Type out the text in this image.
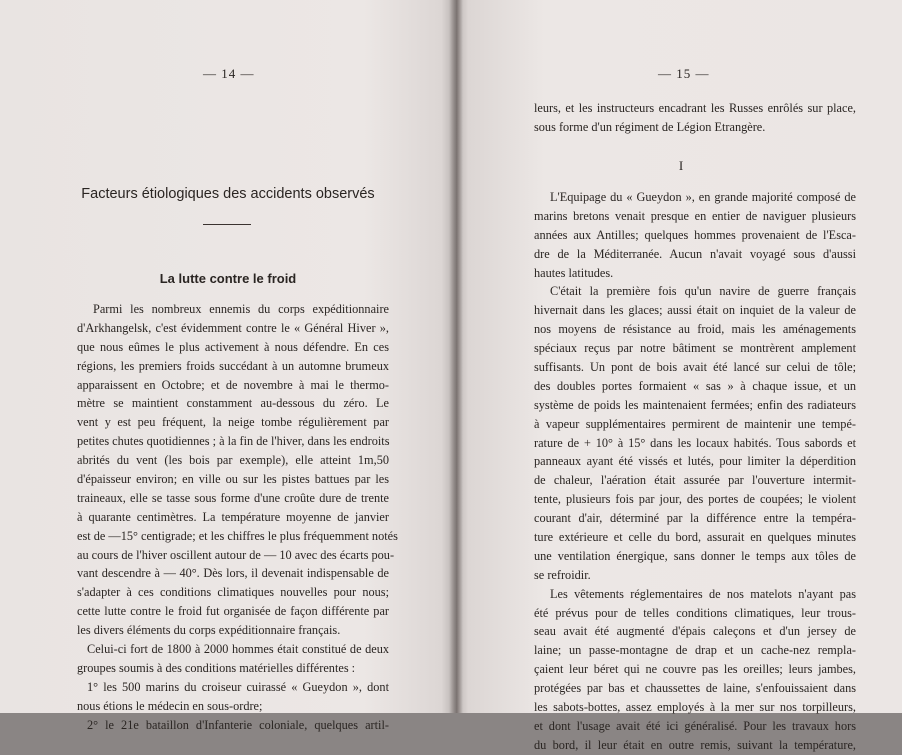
— 14 —
Facteurs étiologiques des accidents observés
La lutte contre le froid
Parmi les nombreux ennemis du corps expéditionnaire
d'Arkhangelsk, c'est évidemment contre le « Général Hiver »,
que nous eûmes le plus activement à nous défendre. En ces
régions, les premiers froids succédant à un automne brumeux
apparaissent en Octobre; et de novembre à mai le thermo-
mètre se maintient constamment au-dessous du zéro. Le
vent y est peu fréquent, la neige tombe régulièrement par
petites chutes quotidiennes ; à la fin de l'hiver, dans les endroits
abrités du vent (les bois par exemple), elle atteint 1m,50
d'épaisseur environ; en ville ou sur les pistes battues par les
traineaux, elle se tasse sous forme d'une croûte dure de trente
à quarante centimètres. La température moyenne de janvier
est de —15° centigrade; et les chiffres le plus fréquemment notés
au cours de l'hiver oscillent autour de — 10 avec des écarts pou-
vant descendre à — 40°. Dès lors, il devenait indispensable de
s'adapter à ces conditions climatiques nouvelles pour nous;
cette lutte contre le froid fut organisée de façon différente par
les divers éléments du corps expéditionnaire français.
Celui-ci fort de 1800 à 2000 hommes était constitué de deux
groupes soumis à des conditions matérielles différentes :
1° les 500 marins du croiseur cuirassé « Gueydon », dont
nous étions le médecin en sous-ordre;
2° le 21e bataillon d'Infanterie coloniale, quelques artil-
— 15 —
leurs, et les instructeurs encadrant les Russes enrôlés sur place,
sous forme d'un régiment de Légion Etrangère.
I
L'Equipage du « Gueydon », en grande majorité composé de
marins bretons venait presque en entier de naviguer plusieurs
années aux Antilles; quelques hommes provenaient de l'Esca-
dre de la Méditerranée. Aucun n'avait voyagé sous d'aussi
hautes latitudes.
C'était la première fois qu'un navire de guerre français
hivernait dans les glaces; aussi était on inquiet de la valeur de
nos moyens de résistance au froid, mais les aménagements
spéciaux reçus par notre bâtiment se montrèrent amplement
suffisants. Un pont de bois avait été lancé sur celui de tôle;
des doubles portes formaient « sas » à chaque issue, et un
système de poids les maintenaient fermées; enfin des radiateurs
à vapeur supplémentaires permirent de maintenir une tempé-
rature de + 10° à 15° dans les locaux habités. Tous sabords et
panneaux ayant été vissés et lutés, pour limiter la déperdition
de chaleur, l'aération était assurée par l'ouverture intermit-
tente, plusieurs fois par jour, des portes de coupées; le violent
courant d'air, déterminé par la différence entre la tempéra-
ture extérieure et celle du bord, assurait en quelques minutes
une ventilation énergique, sans donner le temps aux tôles de
se refroidir.
Les vêtements réglementaires de nos matelots n'ayant pas
été prévus pour de telles conditions climatiques, leur trous-
seau avait été augmenté d'épais caleçons et d'un jersey de
laine; un passe-montagne de drap et un cache-nez rempla-
çaient leur béret qui ne couvre pas les oreilles; leurs jambes,
protégées par bas et chaussettes de laine, s'enfouissaient dans
les sabots-bottes, assez employés à la mer sur nos torpilleurs,
et dont l'usage avait été ici généralisé. Pour les travaux hors
du bord, il leur était en outre remis, suivant la température,
